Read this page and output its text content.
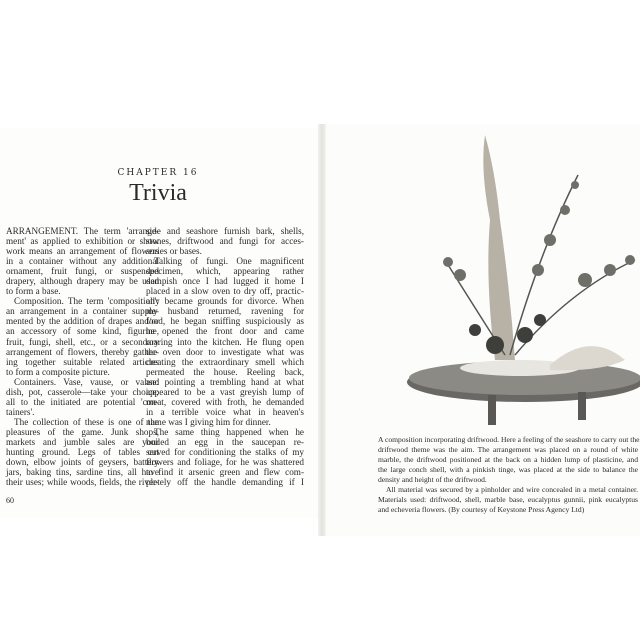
CHAPTER 16
Trivia
ARRANGEMENT. The term 'arrange-
ment' as applied to exhibition or show
work means an arrangement of flowers
in a container without any additional
ornament, fruit fungi, or suspended
drapery, although drapery may be used
to form a base.
Composition. The term 'composition':
an arrangement in a container supple-
mented by the addition of drapes and/or
an accessory of some kind, figurine,
fruit, fungi, shell, etc., or a secondary
arrangement of flowers, thereby gather-
ing together suitable related articles
to form a composite picture.
Containers. Vase, vause, or vahse:
dish, pot, casserole—take your choice;
all to the initiated are potential 'con-
tainers'.
The collection of these is one of the
pleasures of the game. Junk shops,
markets and jumble sales are your
hunting ground. Legs of tables cut
down, elbow joints of geysers, battery
jars, baking tins, sardine tins, all have
their uses; while woods, fields, the river-
side and seashore furnish bark, shells,
stones, driftwood and fungi for acces-
sories or bases.
Talking of fungi. One magnificent
specimen, which, appearing rather
dampish once I had lugged it home I
placed in a slow oven to dry off, practic-
ally became grounds for divorce. When
my husband returned, ravening for
food, he began sniffing suspiciously as
he opened the front door and came
roaring into the kitchen. He flung open
the oven door to investigate what was
creating the extraordinary smell which
permeated the house. Reeling back,
and pointing a trembling hand at what
appeared to be a vast greyish lump of
meat, covered with froth, he demanded
in a terrible voice what in heaven's
name was I giving him for dinner.
The same thing happened when he
boiled an egg in the saucepan re-
served for conditioning the stalks of my
flowers and foliage, for he was shattered
to find it arsenic green and flew com-
pletely off the handle demanding if I
60
A composition incorporating driftwood. Here a feeling of the seashore to carry out the
driftwood theme was the aim. The arrangement was placed on a round of white
marble, the driftwood positioned at the back on a hidden lump of plasticine, and
the large conch shell, with a pinkish tinge, was placed at the side to balance the
density and height of the driftwood.
All material was secured by a pinholder and wire concealed in a metal container.
Materials used: driftwood, shell, marble base, eucalyptus gunnii, pink eucalyptus
and echeveria flowers. (By courtesy of Keystone Press Agency Ltd)
